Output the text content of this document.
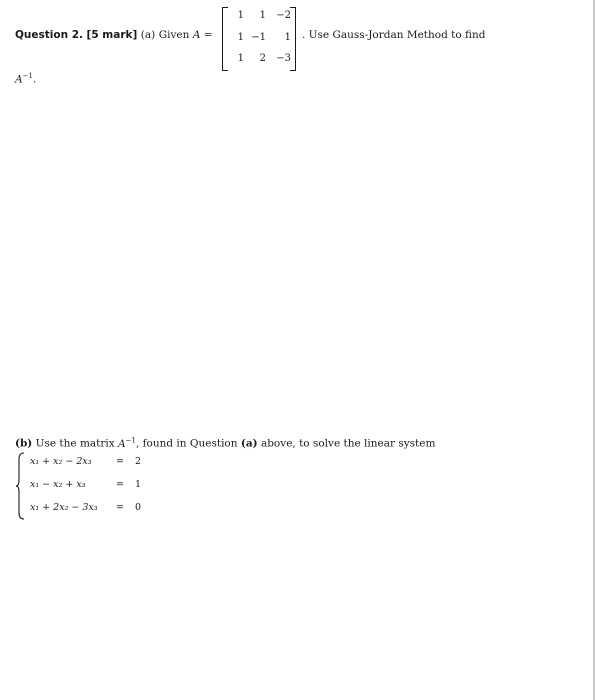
Question 2. [5 mark] (a) Given A =
1	1	−2
1 −1	1
1	2	−3
. Use Gauss-Jordan Method to find
$A^{-1}$.
(b) Use the matrix $A^{-1}$, found in Question (a) above, to solve the linear system
x₁ + x₂ − 2x₃	= 2
x₁ − x₂ + x₃	= 1
x₁ + 2x₂ − 3x₃ = 0
